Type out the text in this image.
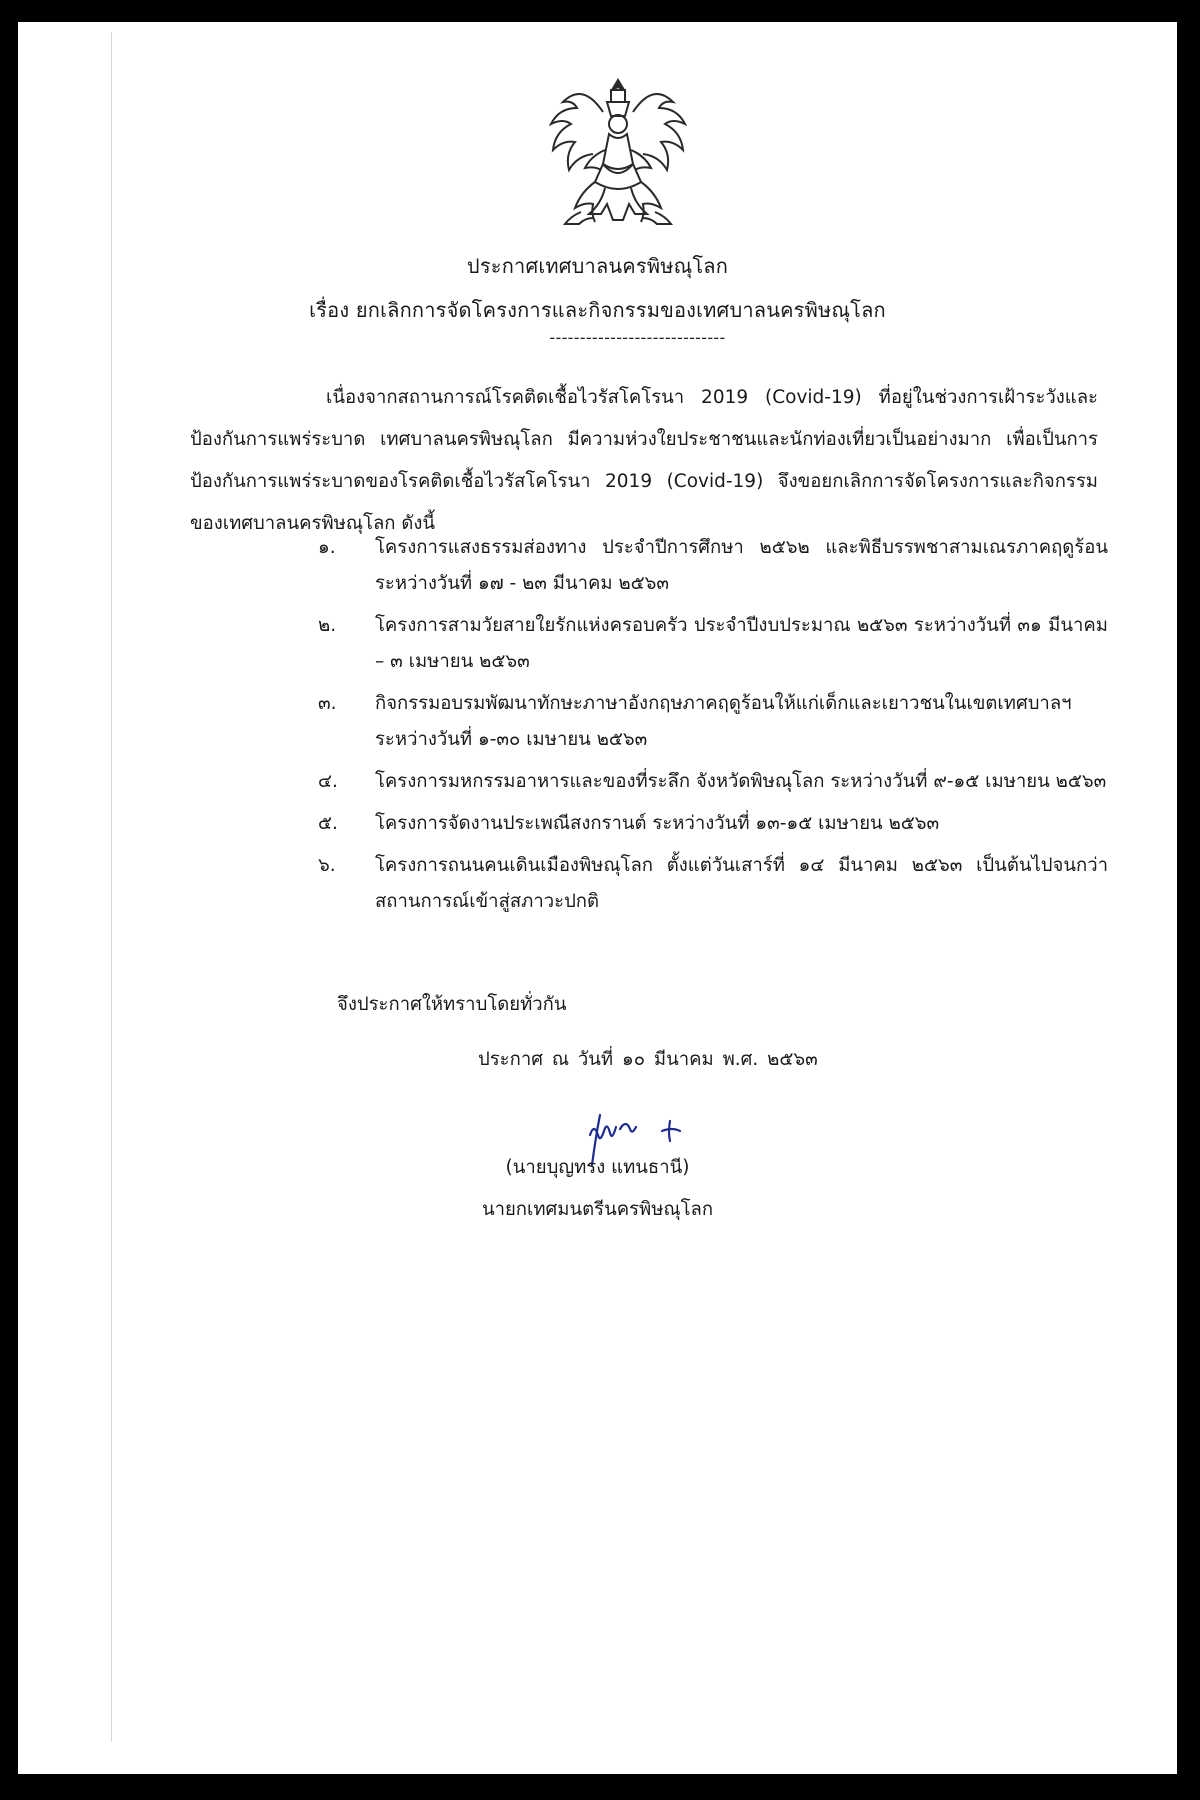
ประกาศเทศบาลนครพิษณุโลก
เรื่อง ยกเลิกการจัดโครงการและกิจกรรมของเทศบาลนครพิษณุโลก
-----------------------------

เนื่องจากสถานการณ์โรคติดเชื้อไวรัสโคโรนา 2019 (Covid-19) ที่อยู่ในช่วงการเฝ้าระวังและป้องกันการแพร่ระบาด เทศบาลนครพิษณุโลก มีความห่วงใยประชาชนและนักท่องเที่ยวเป็นอย่างมาก เพื่อเป็นการป้องกันการแพร่ระบาดของโรคติดเชื้อไวรัสโคโรนา 2019 (Covid-19) จึงขอยกเลิกการจัดโครงการและกิจกรรมของเทศบาลนครพิษณุโลก ดังนี้

๑.	โครงการแสงธรรมส่องทาง ประจำปีการศึกษา ๒๕๖๒ และพิธีบรรพชาสามเณรภาคฤดูร้อน ระหว่างวันที่ ๑๗ - ๒๓ มีนาคม ๒๕๖๓
๒.	โครงการสามวัยสายใยรักแห่งครอบครัว ประจำปีงบประมาณ ๒๕๖๓ ระหว่างวันที่ ๓๑ มีนาคม – ๓ เมษายน ๒๕๖๓
๓.	กิจกรรมอบรมพัฒนาทักษะภาษาอังกฤษภาคฤดูร้อนให้แก่เด็กและเยาวชนในเขตเทศบาลฯ ระหว่างวันที่ ๑-๓๐ เมษายน ๒๕๖๓
๔.	โครงการมหกรรมอาหารและของที่ระลึก จังหวัดพิษณุโลก ระหว่างวันที่ ๙-๑๕ เมษายน ๒๕๖๓
๕.	โครงการจัดงานประเพณีสงกรานต์ ระหว่างวันที่ ๑๓-๑๕ เมษายน ๒๕๖๓
๖.	โครงการถนนคนเดินเมืองพิษณุโลก ตั้งแต่วันเสาร์ที่ ๑๔ มีนาคม ๒๕๖๓ เป็นต้นไปจนกว่าสถานการณ์เข้าสู่สภาวะปกติ
จึงประกาศให้ทราบโดยทั่วกัน
ประกาศ ณ วันที่ ๑๐ มีนาคม พ.ศ. ๒๕๖๓
(นายบุญทรง แทนธานี)
นายกเทศมนตรีนครพิษณุโลก
